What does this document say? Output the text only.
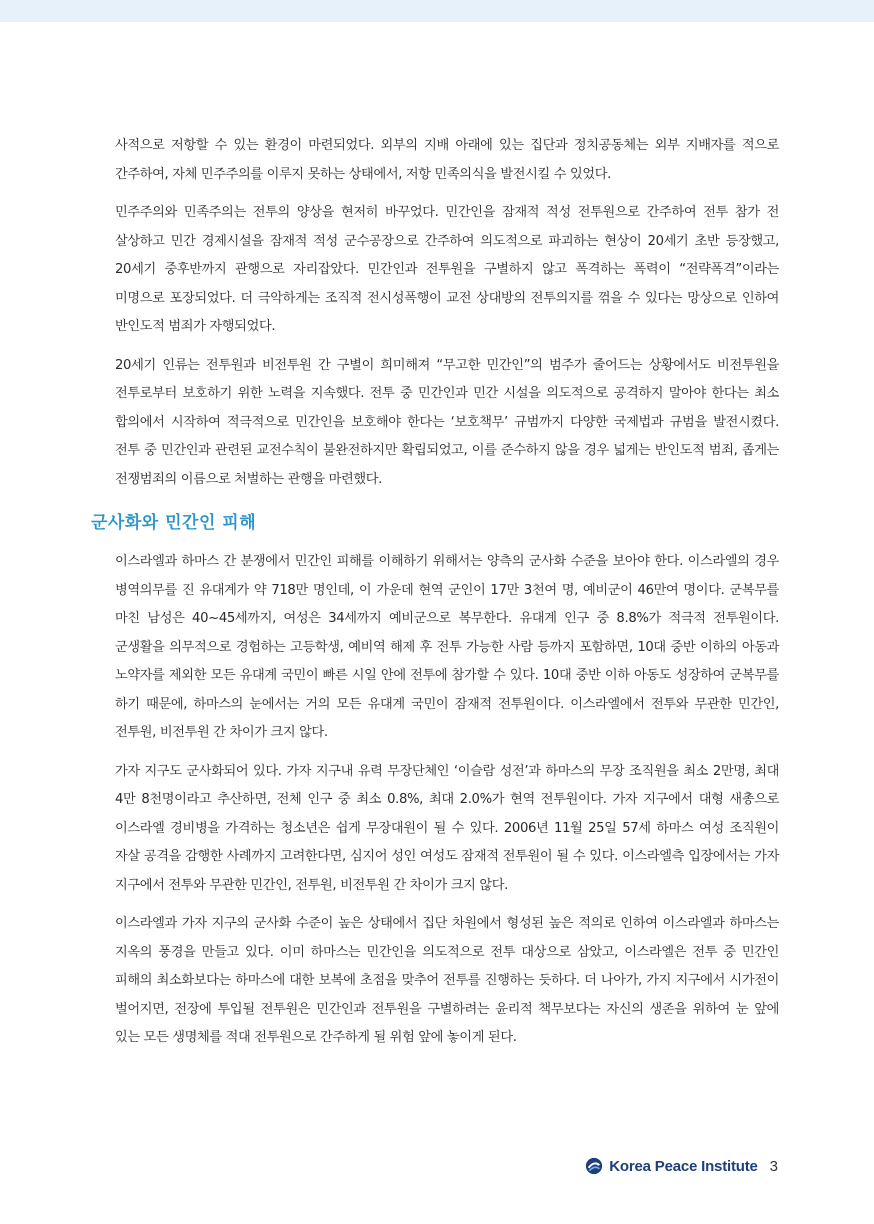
사적으로 저항할 수 있는 환경이 마련되었다. 외부의 지배 아래에 있는 집단과 정치공동체는 외부 지배자를 적으로 간주하여, 자체 민주주의를 이루지 못하는 상태에서, 저항 민족의식을 발전시킬 수 있었다.

민주주의와 민족주의는 전투의 양상을 현저히 바꾸었다. 민간인을 잠재적 적성 전투원으로 간주하여 전투 참가 전 살상하고 민간 경제시설을 잠재적 적성 군수공장으로 간주하여 의도적으로 파괴하는 현상이 20세기 초반 등장했고, 20세기 중후반까지 관행으로 자리잡았다. 민간인과 전투원을 구별하지 않고 폭격하는 폭력이 “전략폭격”이라는 미명으로 포장되었다. 더 극악하게는 조직적 전시성폭행이 교전 상대방의 전투의지를 꺾을 수 있다는 망상으로 인하여 반인도적 범죄가 자행되었다.

20세기 인류는 전투원과 비전투원 간 구별이 희미해져 “무고한 민간인”의 범주가 줄어드는 상황에서도 비전투원을 전투로부터 보호하기 위한 노력을 지속했다. 전투 중 민간인과 민간 시설을 의도적으로 공격하지 말아야 한다는 최소 합의에서 시작하여 적극적으로 민간인을 보호해야 한다는 ‘보호책무’ 규범까지 다양한 국제법과 규범을 발전시켰다. 전투 중 민간인과 관련된 교전수칙이 불완전하지만 확립되었고, 이를 준수하지 않을 경우 넓게는 반인도적 범죄, 좁게는 전쟁범죄의 이름으로 처벌하는 관행을 마련했다.

군사화와 민간인 피해

이스라엘과 하마스 간 분쟁에서 민간인 피해를 이해하기 위해서는 양측의 군사화 수준을 보아야 한다. 이스라엘의 경우 병역의무를 진 유대계가 약 718만 명인데, 이 가운데 현역 군인이 17만 3천여 명, 예비군이 46만여 명이다. 군복무를 마친 남성은 40~45세까지, 여성은 34세까지 예비군으로 복무한다. 유대계 인구 중 8.8%가 적극적 전투원이다. 군생활을 의무적으로 경험하는 고등학생, 예비역 해제 후 전투 가능한 사람 등까지 포함하면, 10대 중반 이하의 아동과 노약자를 제외한 모든 유대계 국민이 빠른 시일 안에 전투에 참가할 수 있다. 10대 중반 이하 아동도 성장하여 군복무를 하기 때문에, 하마스의 눈에서는 거의 모든 유대계 국민이 잠재적 전투원이다. 이스라엘에서 전투와 무관한 민간인, 전투원, 비전투원 간 차이가 크지 않다.

가자 지구도 군사화되어 있다. 가자 지구내 유력 무장단체인 ‘이슬람 성전’과 하마스의 무장 조직원을 최소 2만명, 최대 4만 8천명이라고 추산하면, 전체 인구 중 최소 0.8%, 최대 2.0%가 현역 전투원이다. 가자 지구에서 대형 새총으로 이스라엘 경비병을 가격하는 청소년은 쉽게 무장대원이 될 수 있다. 2006년 11월 25일 57세 하마스 여성 조직원이 자살 공격을 감행한 사례까지 고려한다면, 심지어 성인 여성도 잠재적 전투원이 될 수 있다. 이스라엘측 입장에서는 가자 지구에서 전투와 무관한 민간인, 전투원, 비전투원 간 차이가 크지 않다.

이스라엘과 가자 지구의 군사화 수준이 높은 상태에서 집단 차원에서 형성된 높은 적의로 인하여 이스라엘과 하마스는 지옥의 풍경을 만들고 있다. 이미 하마스는 민간인을 의도적으로 전투 대상으로 삼았고, 이스라엘은 전투 중 민간인 피해의 최소화보다는 하마스에 대한 보복에 초점을 맞추어 전투를 진행하는 듯하다. 더 나아가, 가지 지구에서 시가전이 벌어지면, 전장에 투입될 전투원은 민간인과 전투원을 구별하려는 윤리적 책무보다는 자신의 생존을 위하여 눈 앞에 있는 모든 생명체를 적대 전투원으로 간주하게 될 위험 앞에 놓이게 된다.

Korea Peace Institute 3
